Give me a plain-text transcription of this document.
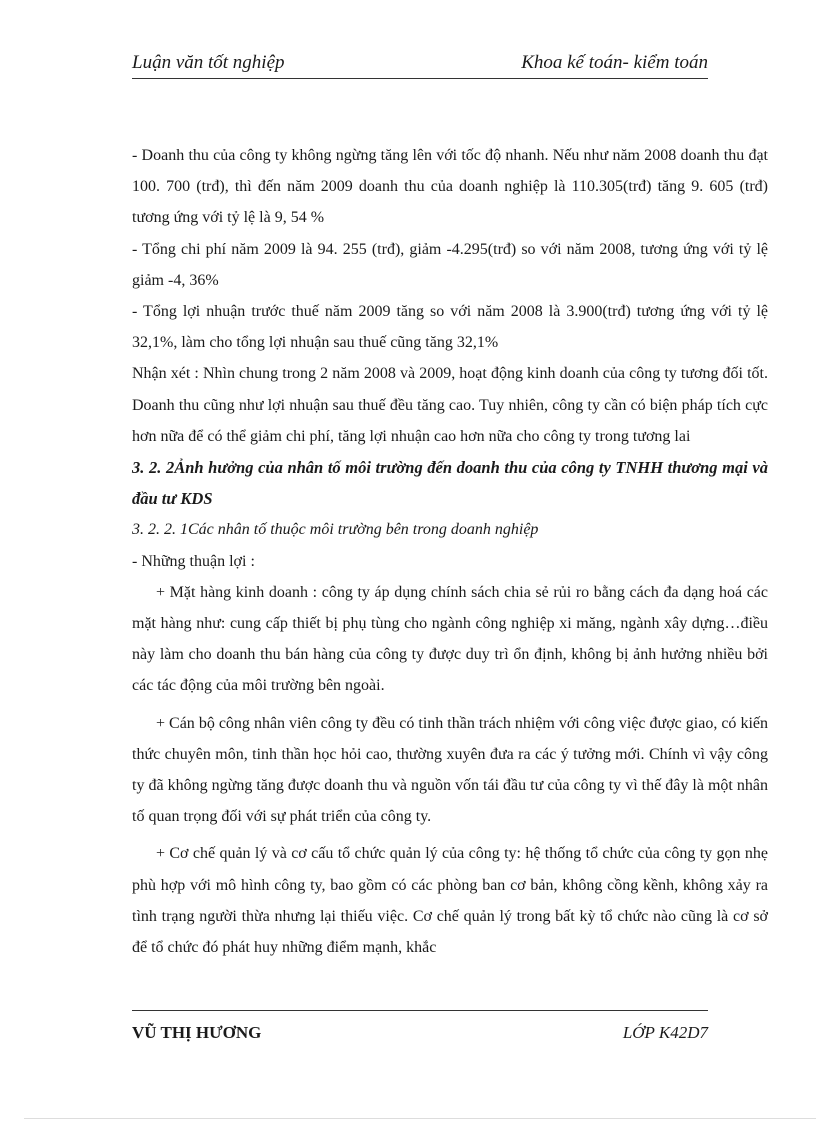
Luận văn tốt nghiệp	Khoa kế toán- kiểm toán

- Doanh thu của công ty không ngừng tăng lên với tốc độ nhanh. Nếu như năm 2008 doanh thu đạt 100. 700 (trđ), thì đến năm 2009 doanh thu của doanh nghiệp là 110.305(trđ) tăng 9. 605 (trđ) tương ứng với tỷ lệ là 9, 54 %

- Tổng chi phí năm 2009 là 94. 255 (trđ), giảm -4.295(trđ) so với năm 2008, tương ứng với tỷ lệ giảm -4, 36%

- Tổng lợi nhuận trước thuế năm 2009 tăng so với năm 2008 là 3.900(trđ) tương ứng với tỷ lệ 32,1%, làm cho tổng lợi nhuận sau thuế cũng tăng 32,1%

Nhận xét : Nhìn chung trong 2 năm 2008 và 2009, hoạt động kinh doanh của công ty tương đối tốt. Doanh thu cũng như lợi nhuận sau thuế đều tăng cao. Tuy nhiên, công ty cần có biện pháp tích cực hơn nữa để có thể giảm chi phí, tăng lợi nhuận cao hơn nữa cho công ty trong tương lai

3. 2. 2Ảnh hưởng của nhân tố môi trường đến doanh thu của công ty TNHH thương mại và đầu tư KDS

3. 2. 2. 1Các nhân tố thuộc môi trường bên trong doanh nghiệp

- Những thuận lợi :

+ Mặt hàng kinh doanh : công ty áp dụng chính sách chia sẻ rủi ro bằng cách đa dạng hoá các mặt hàng như: cung cấp thiết bị phụ tùng cho ngành công nghiệp xi măng, ngành xây dựng…điều này làm cho doanh thu bán hàng của công ty được duy trì ổn định, không bị ảnh hưởng nhiều bởi các tác động của môi trường bên ngoài.

+ Cán bộ công nhân viên công ty đều có tinh thần trách nhiệm với công việc được giao, có kiến thức chuyên môn, tinh thần học hỏi cao, thường xuyên đưa ra các ý tưởng mới. Chính vì vậy công ty đã không ngừng tăng được doanh thu và nguồn vốn tái đầu tư của công ty vì thế đây là một nhân tố quan trọng đối với sự phát triển của công ty.

+ Cơ chế quản lý và cơ cấu tổ chức quản lý của công ty: hệ thống tổ chức của công ty gọn nhẹ phù hợp với mô hình công ty, bao gồm có các phòng ban cơ bản, không cồng kềnh, không xảy ra tình trạng người thừa nhưng lại thiếu việc. Cơ chế quản lý trong bất kỳ tổ chức nào cũng là cơ sở để tổ chức đó phát huy những điểm mạnh, khắc

VŨ THỊ HƯƠNG	LỚP K42D7
